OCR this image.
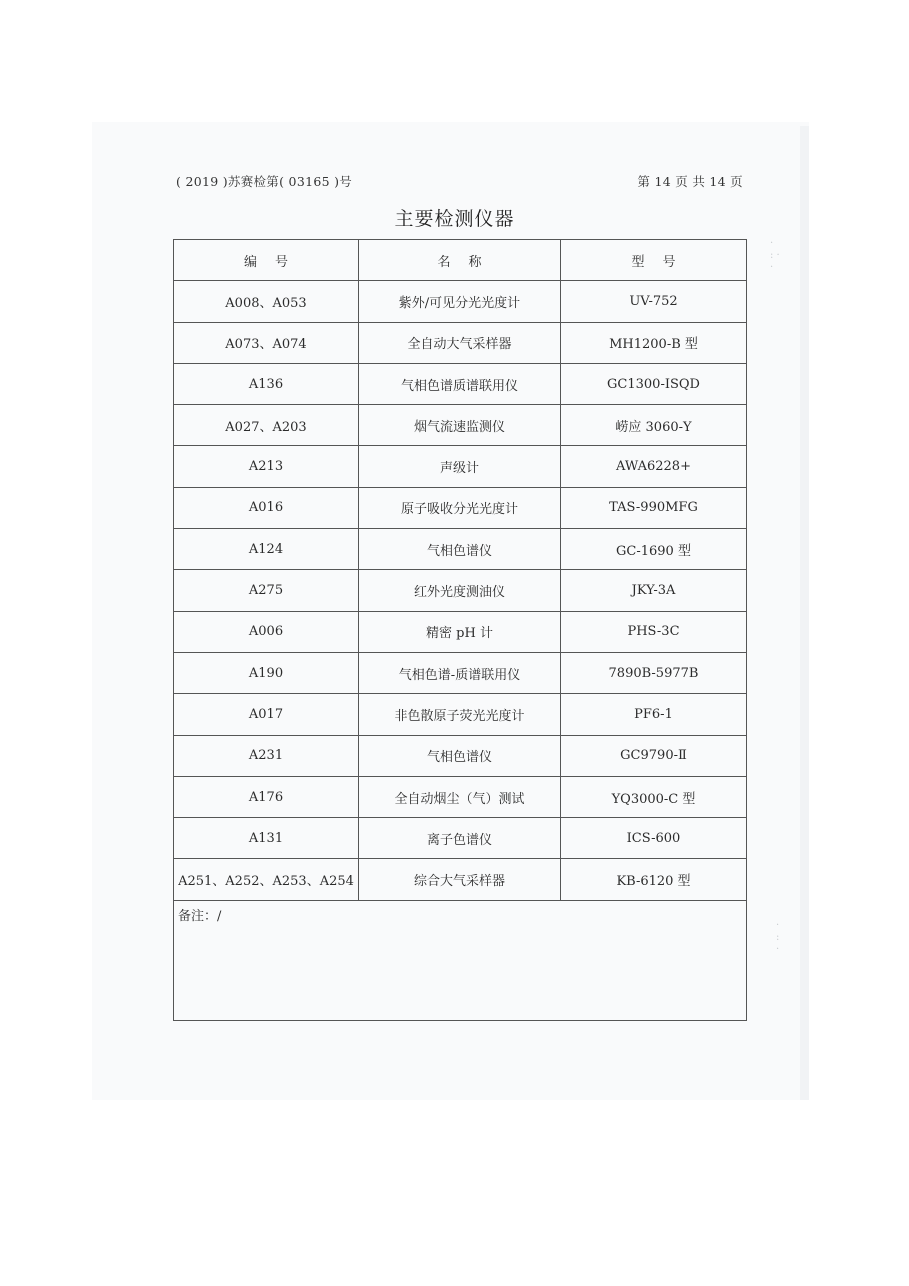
·
: ·
·
·
:
·
( 2019 )苏赛检第( 03165 )号	第 14 页 共 14 页
主要检测仪器
编号	名称	型号
A008、A053	紫外/可见分光光度计	UV-752
A073、A074	全自动大气采样器	MH1200-B 型
A136	气相色谱质谱联用仪	GC1300-ISQD
A027、A203	烟气流速监测仪	崂应 3060-Y
A213	声级计	AWA6228+
A016	原子吸收分光光度计	TAS-990MFG
A124	气相色谱仪	GC-1690 型
A275	红外光度测油仪	JKY-3A
A006	精密 pH 计	PHS-3C
A190	气相色谱-质谱联用仪	7890B-5977B
A017	非色散原子荧光光度计	PF6-1
A231	气相色谱仪	GC9790-Ⅱ
A176	全自动烟尘（气）测试	YQ3000-C 型
A131	离子色谱仪	ICS-600
A251、A252、A253、A254	综合大气采样器	KB-6120 型
备注：/		
